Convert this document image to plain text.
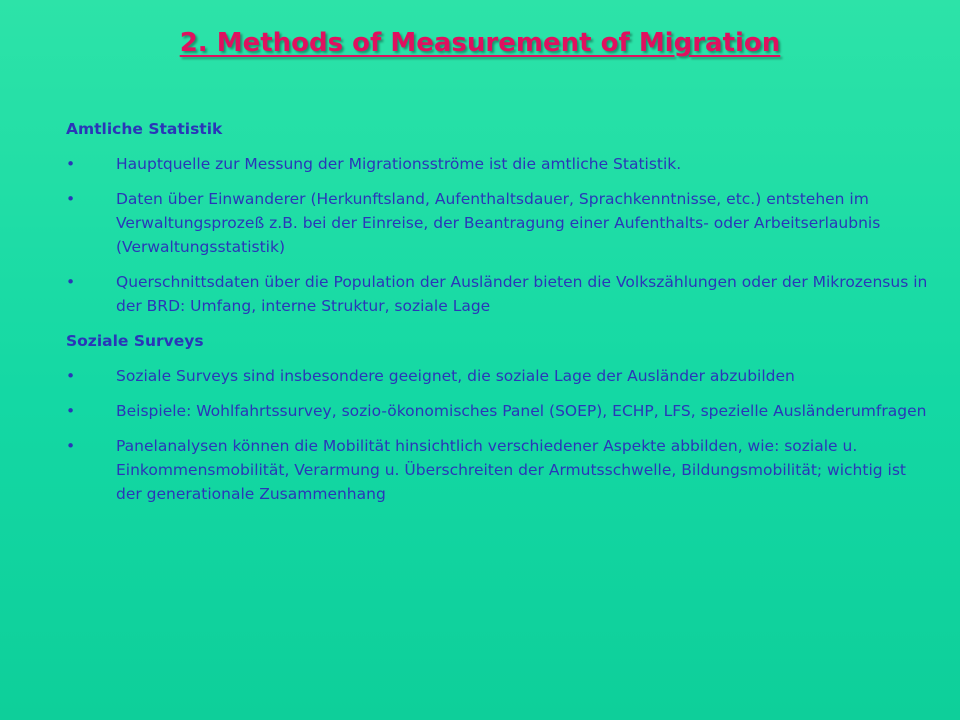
2. Methods of Measurement of Migration
Amtliche Statistik
•	Hauptquelle zur Messung der Migrationsströme ist die amtliche Statistik.
•	Daten über Einwanderer (Herkunftsland, Aufenthaltsdauer, Sprachkenntnisse, etc.) entstehen im Verwaltungsprozeß z.B. bei der Einreise, der Beantragung einer Aufenthalts- oder Arbeitserlaubnis (Verwaltungsstatistik)
•	Querschnittsdaten über die Population der Ausländer bieten die Volkszählungen oder der Mikrozensus in der BRD: Umfang, interne Struktur, soziale Lage
Soziale Surveys
•	Soziale Surveys sind insbesondere geeignet, die soziale Lage der Ausländer abzubilden
•	Beispiele: Wohlfahrtssurvey, sozio-ökonomisches Panel (SOEP), ECHP, LFS, spezielle Ausländerumfragen
•	Panelanalysen können die Mobilität hinsichtlich verschiedener Aspekte abbilden, wie: soziale u. Einkommensmobilität, Verarmung u. Überschreiten der Armutsschwelle, Bildungsmobilität; wichtig ist der generationale Zusammenhang
